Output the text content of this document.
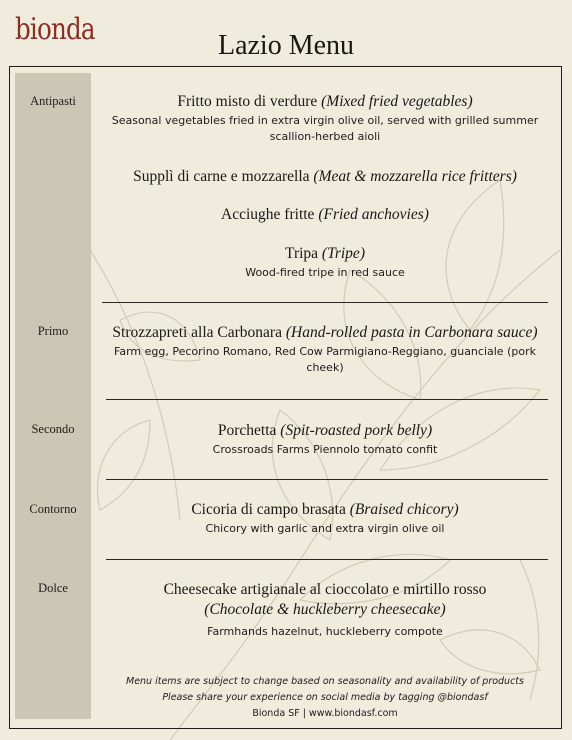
bionda	Lazio Menu
Antipasti
Primo
Secondo
Contorno
Dolce
Fritto misto di verdure (Mixed fried vegetables)
Seasonal vegetables fried in extra virgin olive oil, served with grilled summer scallion-herbed aioli
Supplì di carne e mozzarella (Meat & mozzarella rice fritters)
Acciughe fritte (Fried anchovies)
Tripa (Tripe)
Wood-fired tripe in red sauce
Strozzapreti alla Carbonara (Hand-rolled pasta in Carbonara sauce)
Farm egg, Pecorino Romano, Red Cow Parmigiano-Reggiano, guanciale (pork cheek)
Porchetta (Spit-roasted pork belly)
Crossroads Farms Piennolo tomato confit
Cicoria di campo brasata (Braised chicory)
Chicory with garlic and extra virgin olive oil
Cheesecake artigianale al cioccolato e mirtillo rosso
(Chocolate & huckleberry cheesecake)
Farmhands hazelnut, huckleberry compote
Menu items are subject to change based on seasonality and availability of products
Please share your experience on social media by tagging @biondasf
Bionda SF | www.biondasf.com
